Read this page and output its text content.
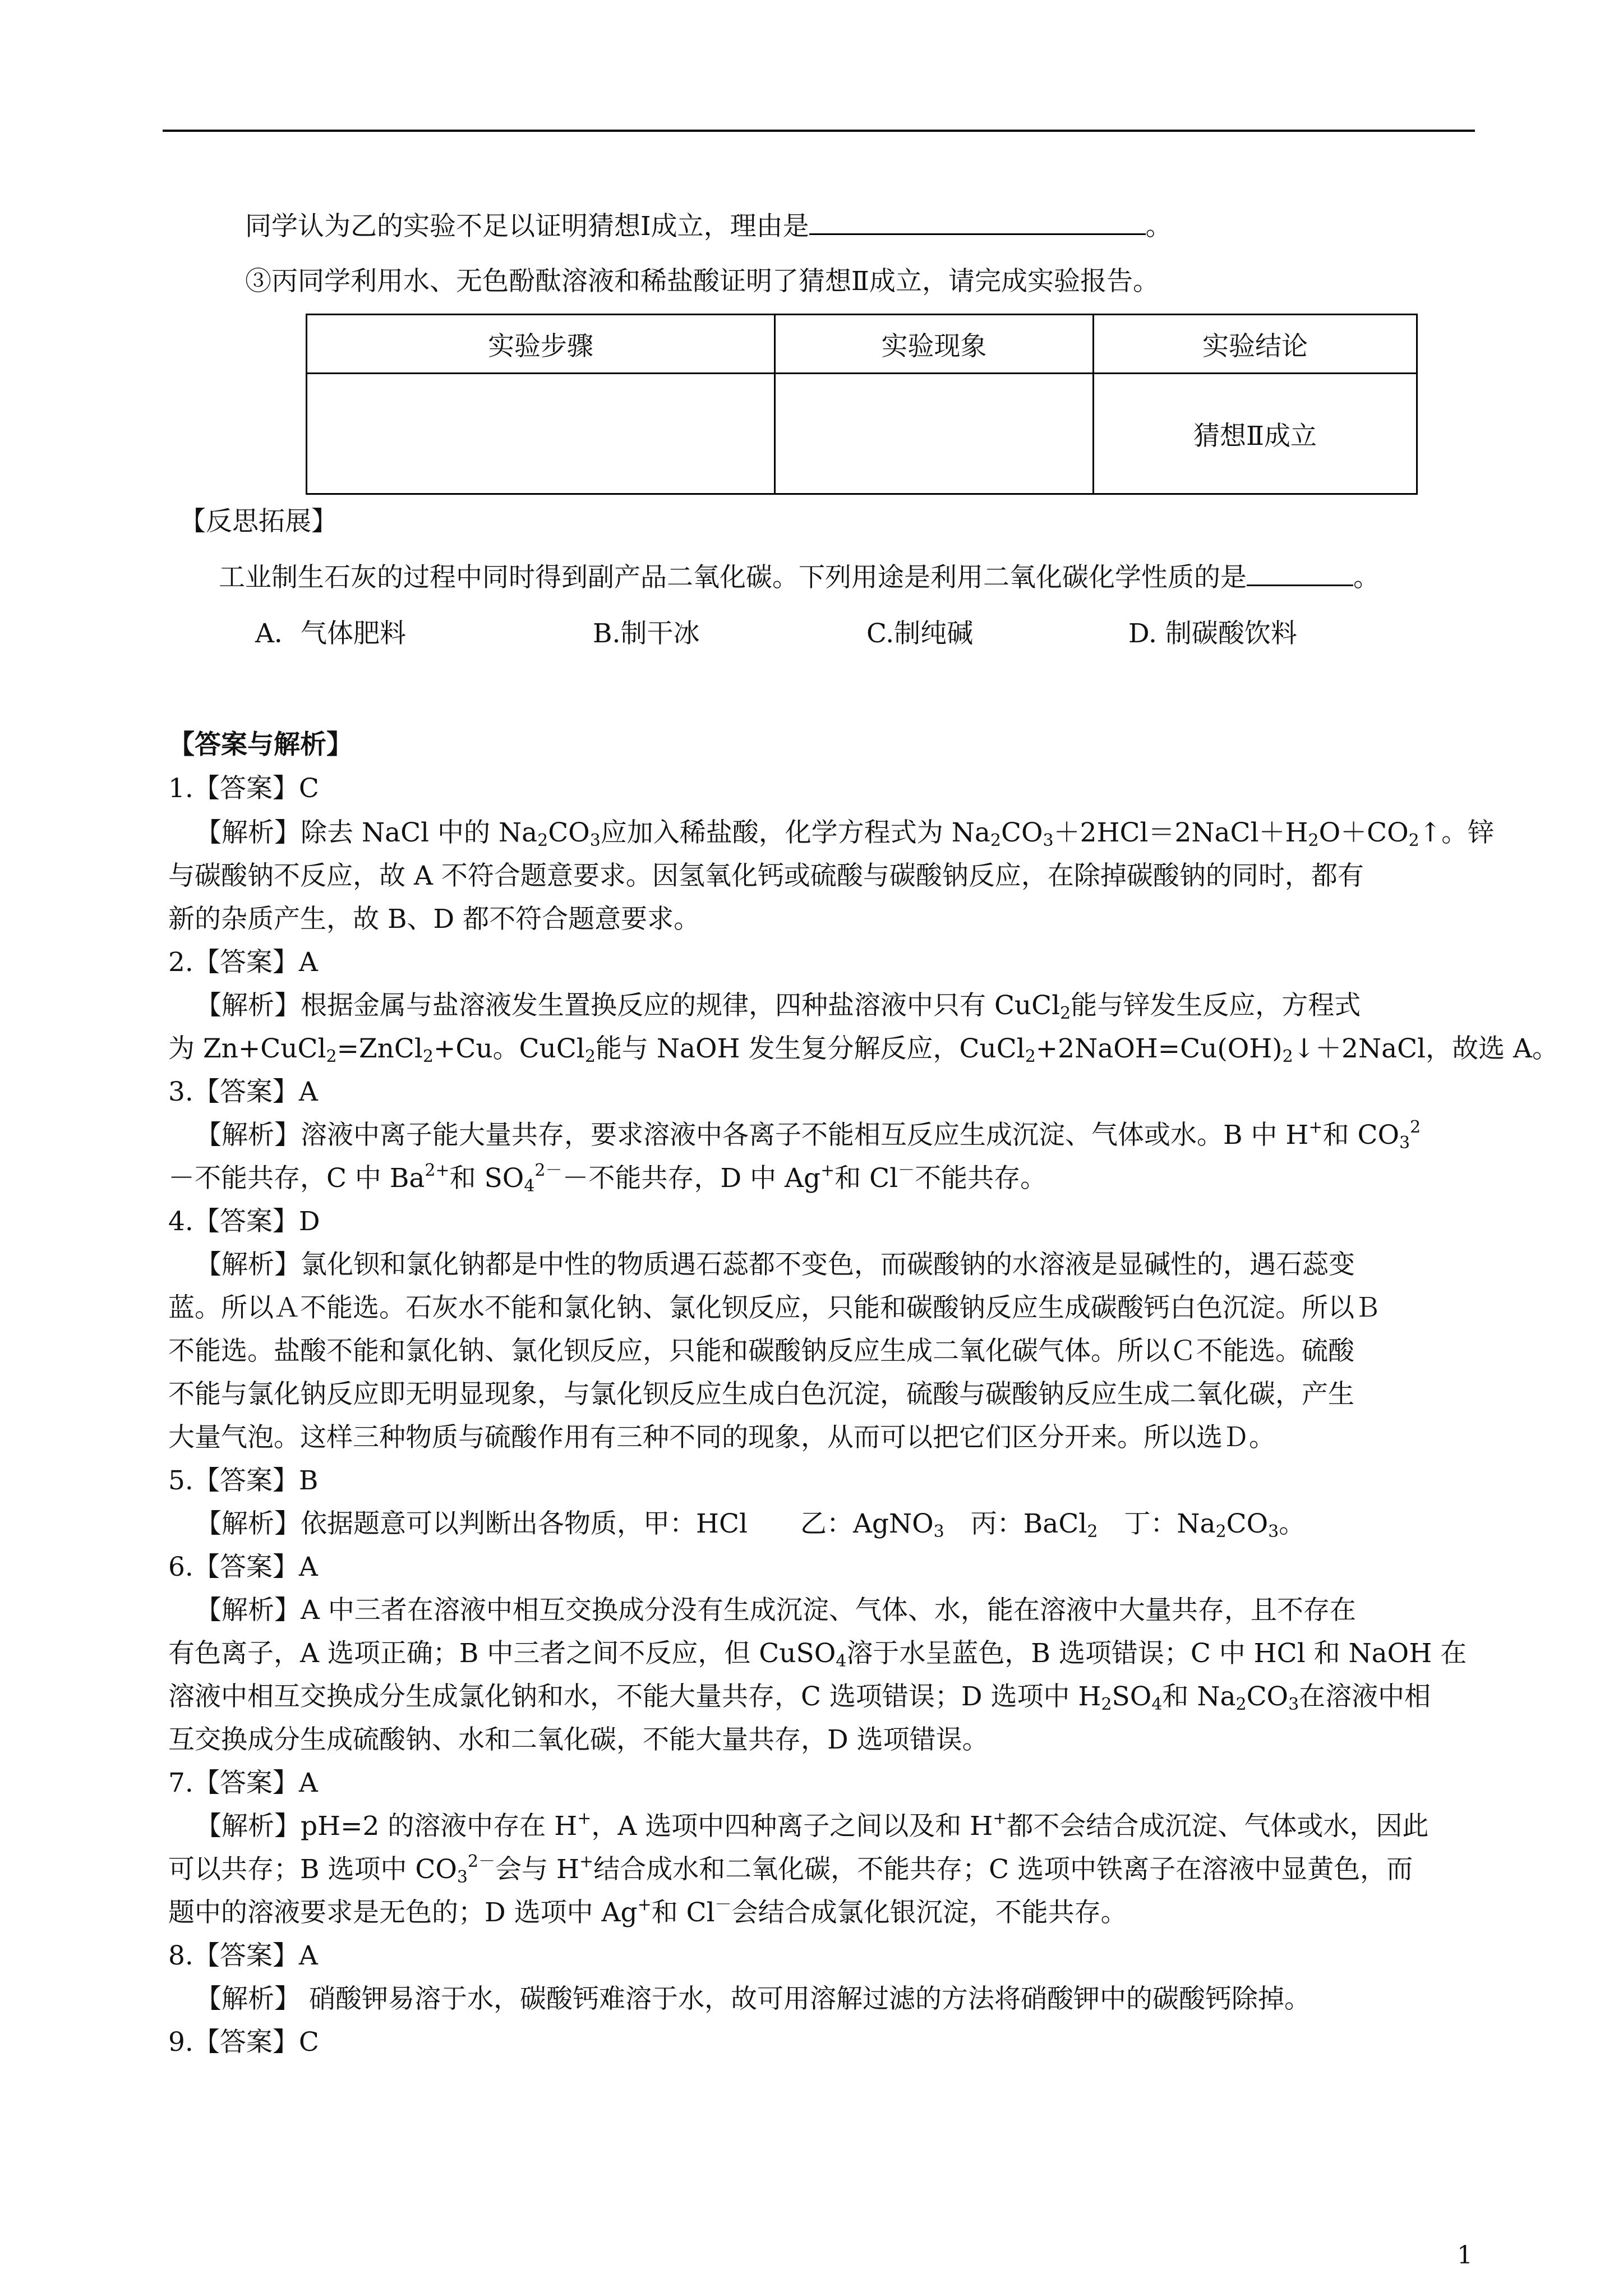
同学认为乙的实验不足以证明猜想Ⅰ成立，理由是	。
③丙同学利用水、无色酚酞溶液和稀盐酸证明了猜想Ⅱ成立，请完成实验报告。
实验步骤	实验现象	实验结论
		猜想Ⅱ成立
【反思拓展】
工业制生石灰的过程中同时得到副产品二氧化碳。下列用途是利用二氧化碳化学性质的是	。
A．气体肥料	B.制干冰	C.制纯碱	D. 制碳酸饮料
【答案与解析】
1.【答案】C
【解析】除去 NaCl 中的 $Na_2CO_3$应加入稀盐酸，化学方程式为 $Na_2CO_3+2HCl=2NaCl+H_2O+CO_2↑$。锌
与碳酸钠不反应，故 A 不符合题意要求。因氢氧化钙或硫酸与碳酸钠反应，在除掉碳酸钠的同时，都有
新的杂质产生，故 B、D 都不符合题意要求。
2.【答案】A
【解析】根据金属与盐溶液发生置换反应的规律，四种盐溶液中只有 CuCl$_2$能与锌发生反应，方程式
为 Zn+CuCl$_2$=ZnCl$_2$+Cu。CuCl$_2$能与 NaOH 发生复分解反应，$CuCl_2+2NaOH=Cu(OH)_2↓+2NaCl$，故选 A。
3.【答案】A
【解析】溶液中离子能大量共存，要求溶液中各离子不能相互反应生成沉淀、气体或水。B 中 H+和 $CO_3^2$
－不能共存，C 中 $Ba^{2+}$和 $SO_4^{2-}-$不能共存，D 中 Ag+和 Cl－不能共存。
4.【答案】D
【解析】氯化钡和氯化钠都是中性的物质遇石蕊都不变色，而碳酸钠的水溶液是显碱性的，遇石蕊变
蓝。所以Ａ不能选。石灰水不能和氯化钠、氯化钡反应，只能和碳酸钠反应生成碳酸钙白色沉淀。所以Ｂ
不能选。盐酸不能和氯化钠、氯化钡反应，只能和碳酸钠反应生成二氧化碳气体。所以Ｃ不能选。硫酸
不能与氯化钠反应即无明显现象，与氯化钡反应生成白色沉淀，硫酸与碳酸钠反应生成二氧化碳，产生
大量气泡。这样三种物质与硫酸作用有三种不同的现象，从而可以把它们区分开来。所以选Ｄ。
5.【答案】B
【解析】依据题意可以判断出各物质，甲：HCl　　乙：AgNO$_3$　丙：BaCl$_2$　丁：$Na_2CO_3$。
6.【答案】A
【解析】A 中三者在溶液中相互交换成分没有生成沉淀、气体、水，能在溶液中大量共存，且不存在
有色离子，A 选项正确；B 中三者之间不反应，但 CuSO$_4$溶于水呈蓝色，B 选项错误；C 中 HCl 和 NaOH 在
溶液中相互交换成分生成氯化钠和水，不能大量共存，C 选项错误；D 选项中 $H_2SO_4$和 $Na_2CO_3$在溶液中相
互交换成分生成硫酸钠、水和二氧化碳，不能大量共存，D 选项错误。
7.【答案】A
【解析】pH=2 的溶液中存在 H+，A 选项中四种离子之间以及和 H+都不会结合成沉淀、气体或水，因此
可以共存；B 选项中 $CO_3^{2-}$会与 H+结合成水和二氧化碳，不能共存；C 选项中铁离子在溶液中显黄色，而
题中的溶液要求是无色的；D 选项中 Ag+和 Cl－会结合成氯化银沉淀，不能共存。
8.【答案】A
【解析】 硝酸钾易溶于水，碳酸钙难溶于水，故可用溶解过滤的方法将硝酸钾中的碳酸钙除掉。
9.【答案】C
1
